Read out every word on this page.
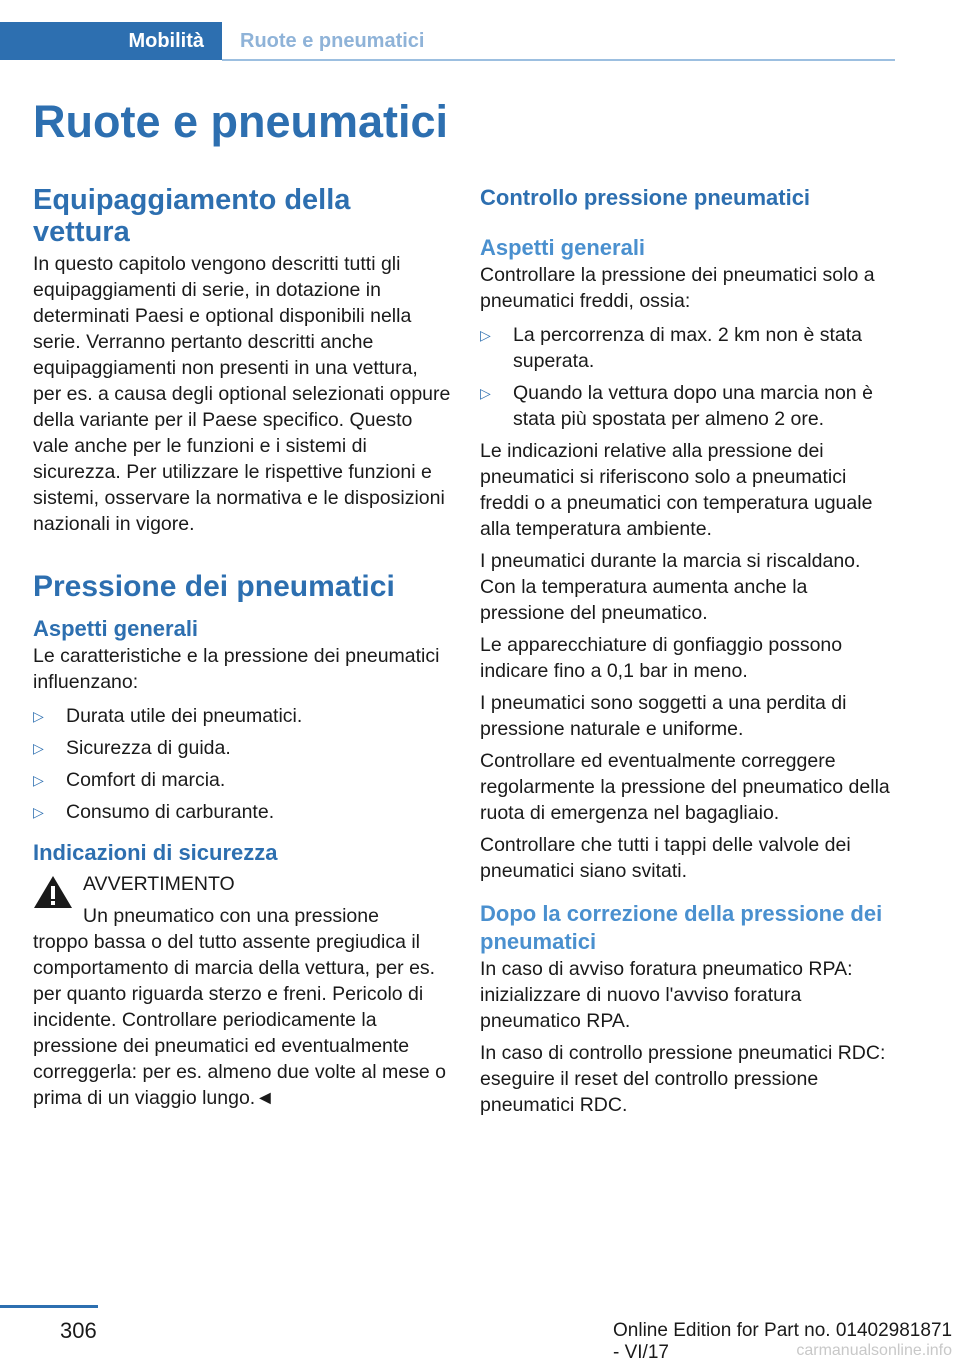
Mobilità	Ruote e pneumatici
Ruote e pneumatici
Equipaggiamento della vettura

In questo capitolo vengono descritti tutti gli equipaggiamenti di serie, in dotazione in determinati Paesi e optional disponibili nella serie. Verranno pertanto descritti anche equipaggiamenti non presenti in una vettura, per es. a causa degli optional selezionati oppure della variante per il Paese specifico. Questo vale anche per le funzioni e i sistemi di sicurezza. Per utilizzare le rispettive funzioni e sistemi, osservare la normativa e le disposizioni nazionali in vigore.

Pressione dei pneumatici
Aspetti generali

Le caratteristiche e la pressione dei pneumatici influenzano:

▷ Durata utile dei pneumatici.
▷ Sicurezza di guida.
▷ Comfort di marcia.
▷ Consumo di carburante.
Indicazioni di sicurezza
AVVERTIMENTO
Un pneumatico con una pressione
troppo bassa o del tutto assente pregiudica il comportamento di marcia della vettura, per es. per quanto riguarda sterzo e freni. Pericolo di incidente. Controllare periodicamente la pressione dei pneumatici ed eventualmente correggerla: per es. almeno due volte al mese o prima di un viaggio lungo.◄
Controllo pressione pneumatici
Aspetti generali

Controllare la pressione dei pneumatici solo a pneumatici freddi, ossia:

▷ La percorrenza di max. 2 km non è stata superata.
▷ Quando la vettura dopo una marcia non è stata più spostata per almeno 2 ore.

Le indicazioni relative alla pressione dei pneumatici si riferiscono solo a pneumatici freddi o a pneumatici con temperatura uguale alla temperatura ambiente.

I pneumatici durante la marcia si riscaldano. Con la temperatura aumenta anche la pressione del pneumatico.

Le apparecchiature di gonfiaggio possono indicare fino a 0,1 bar in meno.

I pneumatici sono soggetti a una perdita di pressione naturale e uniforme.

Controllare ed eventualmente correggere regolarmente la pressione del pneumatico della ruota di emergenza nel bagagliaio.

Controllare che tutti i tappi delle valvole dei pneumatici siano svitati.

Dopo la correzione della pressione dei pneumatici

In caso di avviso foratura pneumatico RPA: inizializzare di nuovo l'avviso foratura pneumatico RPA.

In caso di controllo pressione pneumatici RDC: eseguire il reset del controllo pressione pneumatici RDC.

306	Online Edition for Part no. 01402981871 - VI/17	carmanualsonline.info
